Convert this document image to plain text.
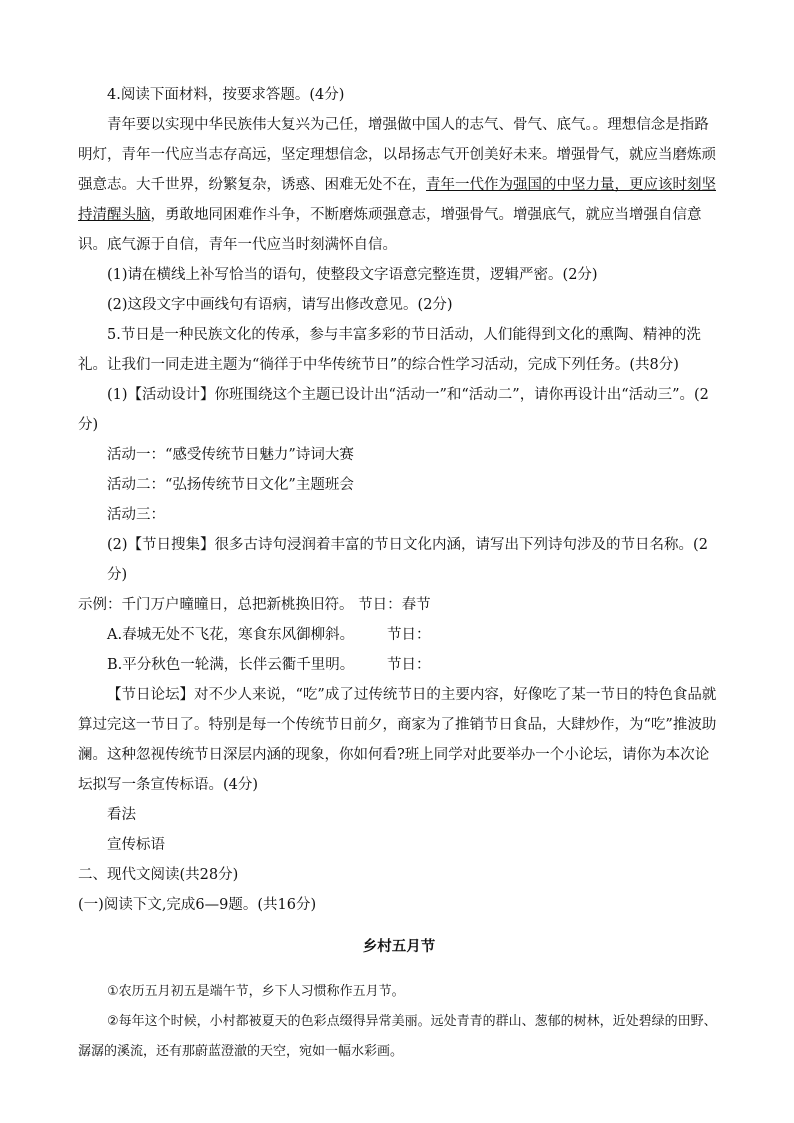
4.阅读下面材料，按要求答题。(4分)

青年要以实现中华民族伟大复兴为己任，增强做中国人的志气、骨气、底气。。理想信念是指路明灯，青年一代应当志存高远，坚定理想信念，以昂扬志气开创美好未来。增强骨气，就应当磨炼顽强意志。大千世界，纷繁复杂，诱惑、困难无处不在，青年一代作为强国的中坚力量，更应该时刻坚持清醒头脑，勇敢地同困难作斗争，不断磨炼顽强意志，增强骨气。增强底气，就应当增强自信意识。底气源于自信，青年一代应当时刻满怀自信。

(1)请在横线上补写恰当的语句，使整段文字语意完整连贯，逻辑严密。(2分)

(2)这段文字中画线句有语病，请写出修改意见。(2分)

5.节日是一种民族文化的传承，参与丰富多彩的节日活动，人们能得到文化的熏陶、精神的洗礼。让我们一同走进主题为“徜徉于中华传统节日”的综合性学习活动，完成下列任务。(共8分)

(1)【活动设计】你班围绕这个主题已设计出“活动一”和“活动二”，请你再设计出“活动三”。(2分)

活动一：“感受传统节日魅力”诗词大赛

活动二：“弘扬传统节日文化”主题班会

活动三：

(2)【节日搜集】很多古诗句浸润着丰富的节日文化内涵，请写出下列诗句涉及的节日名称。(2分)

示例：千门万户曈曈日，总把新桃换旧符。 节日：春节

A.春城无处不飞花，寒食东风御柳斜。	节日：
B.平分秋色一轮满，长伴云衢千里明。	节日：

【节日论坛】对不少人来说，“吃”成了过传统节日的主要内容，好像吃了某一节日的特色食品就算过完这一节日了。特别是每一个传统节日前夕，商家为了推销节日食品，大肆炒作，为“吃”推波助澜。这种忽视传统节日深层内涵的现象，你如何看?班上同学对此要举办一个小论坛，请你为本次论坛拟写一条宣传标语。(4分)

看法

宣传标语

二、现代文阅读(共28分)

(一)阅读下文,完成6—9题。(共16分)

乡村五月节

①农历五月初五是端午节，乡下人习惯称作五月节。

②每年这个时候，小村都被夏天的色彩点缀得异常美丽。远处青青的群山、葱郁的树林，近处碧绿的田野、潺潺的溪流，还有那蔚蓝澄澈的天空，宛如一幅水彩画。
